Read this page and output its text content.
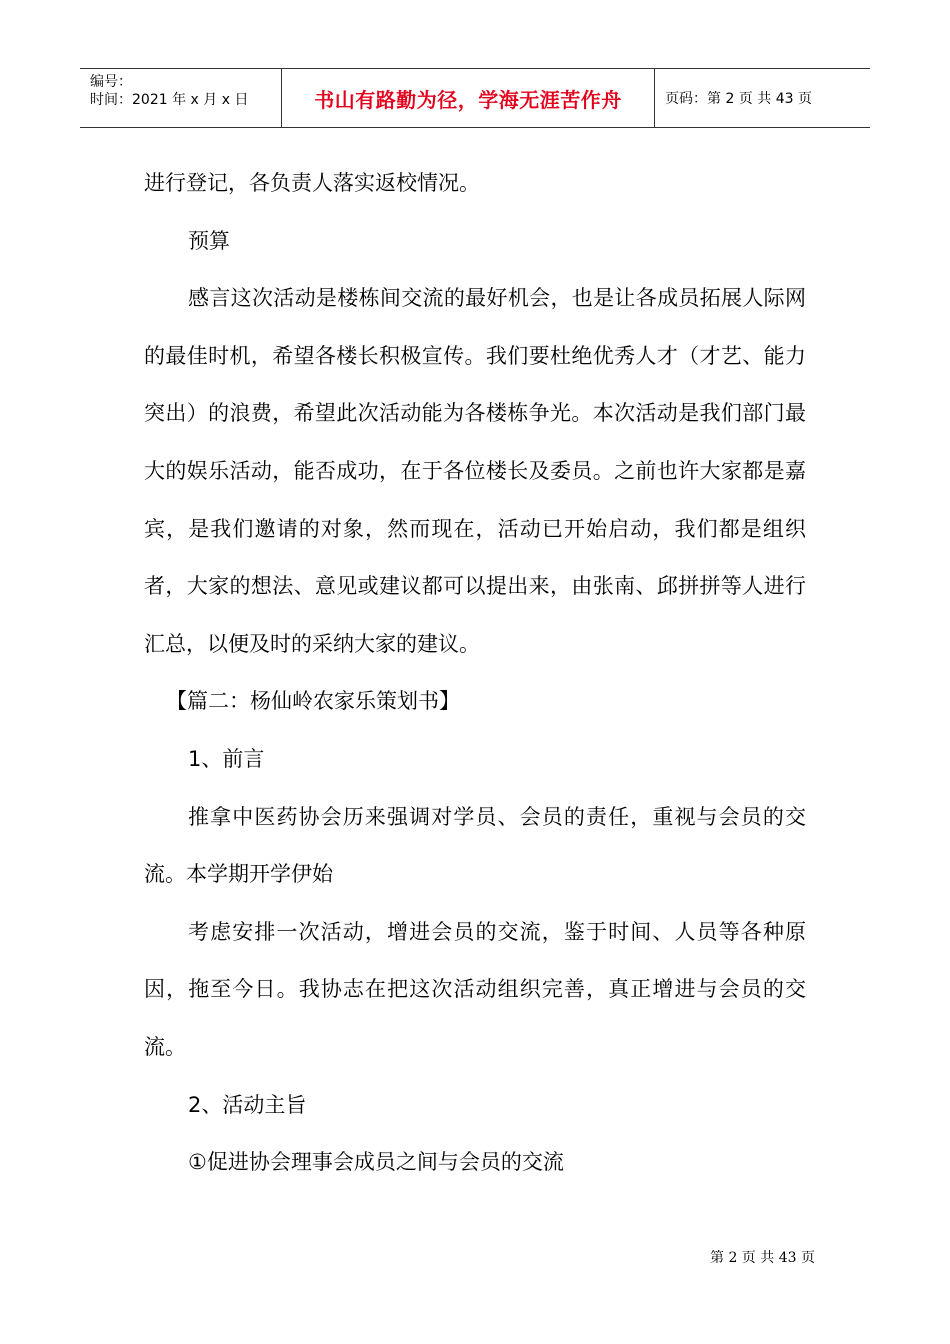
编号：
时间：2021 年 x 月 x 日	书山有路勤为径，学海无涯苦作舟	页码：第 2 页 共 43 页

进行登记，各负责人落实返校情况。

预算

感言这次活动是楼栋间交流的最好机会，也是让各成员拓展人际网的最佳时机，希望各楼长积极宣传。我们要杜绝优秀人才（才艺、能力突出）的浪费，希望此次活动能为各楼栋争光。本次活动是我们部门最大的娱乐活动，能否成功，在于各位楼长及委员。之前也许大家都是嘉宾，是我们邀请的对象，然而现在，活动已开始启动，我们都是组织者，大家的想法、意见或建议都可以提出来，由张南、邱拼拼等人进行汇总，以便及时的采纳大家的建议。

【篇二：杨仙岭农家乐策划书】

1、前言

推拿中医药协会历来强调对学员、会员的责任，重视与会员的交流。本学期开学伊始

考虑安排一次活动，增进会员的交流，鉴于时间、人员等各种原因，拖至今日。我协志在把这次活动组织完善，真正增进与会员的交流。

2、活动主旨

①促进协会理事会成员之间与会员的交流

第 2 页 共 43 页
